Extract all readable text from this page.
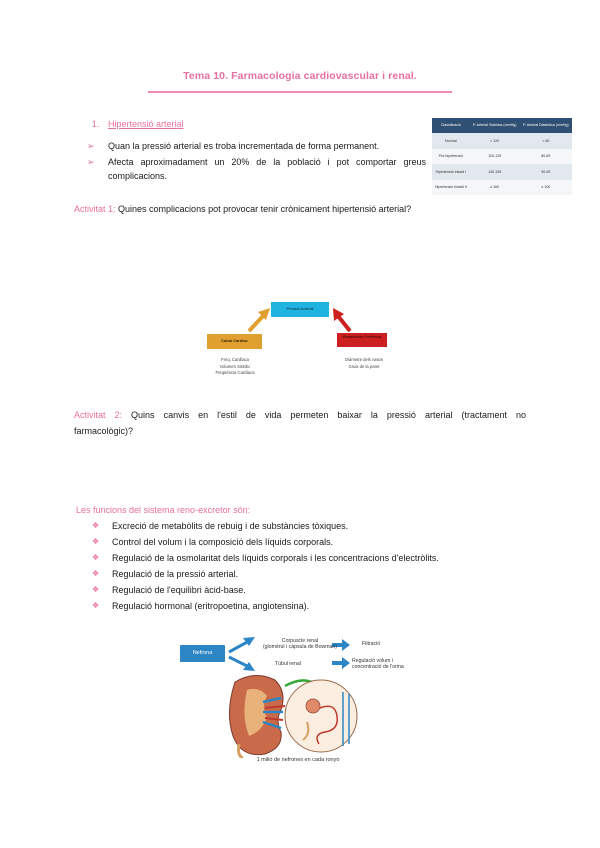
Tema 10. Farmacologia cardiovascular i renal.
1. Hipertensió arterial
➢ Quan la pressió arterial es troba incrementada de forma permanent.
➢ Afecta aproximadament un 20% de la població i pot comportar greus
complicacions.
Classificació	P. Arterial Sistòlica (mmHg)	P. Arterial Diastòlica (mmHg)
Normal	< 120	< 80
Pre-hipertensió	120-139	80-89
Hipertensió estadi I	140-159	90-99
Hipertensió estadi II	≥ 160	≥ 100
Activitat 1: Quines complicacions pot provocar tenir crònicament hipertensió arterial?
Pressió Arterial
Cabal Cardíac
Resistència Perifèrica
Freq. Cardíaca
Volumen Sistòlic
Freqüència Cardíaca
Diàmetre dels vasos
Gruix de la paret
Activitat 2: Quins canvis en l'estil de vida permeten baixar la pressió arterial (tractament no
farmacològic)?
Les funcions del sistema reno-excretor són:
❖ Excreció de metabòlits de rebuig i de substàncies tòxiques.
❖ Control del volum i la composició dels líquids corporals.
❖ Regulació de la osmolaritat dels líquids corporals i les concentracions d'electròlits.
❖ Regulació de la pressió arterial.
❖ Regulació de l'equilibri àcid-base.
❖ Regulació hormonal (eritropoetina, angiotensina).
Nefrona
Corpuscle renal
(glomèrul i càpsula de Bowman)
Túbul renal
Filtració
Regulació volum i
concentració de l'orina
1 milió de nefrones en cada ronyó
